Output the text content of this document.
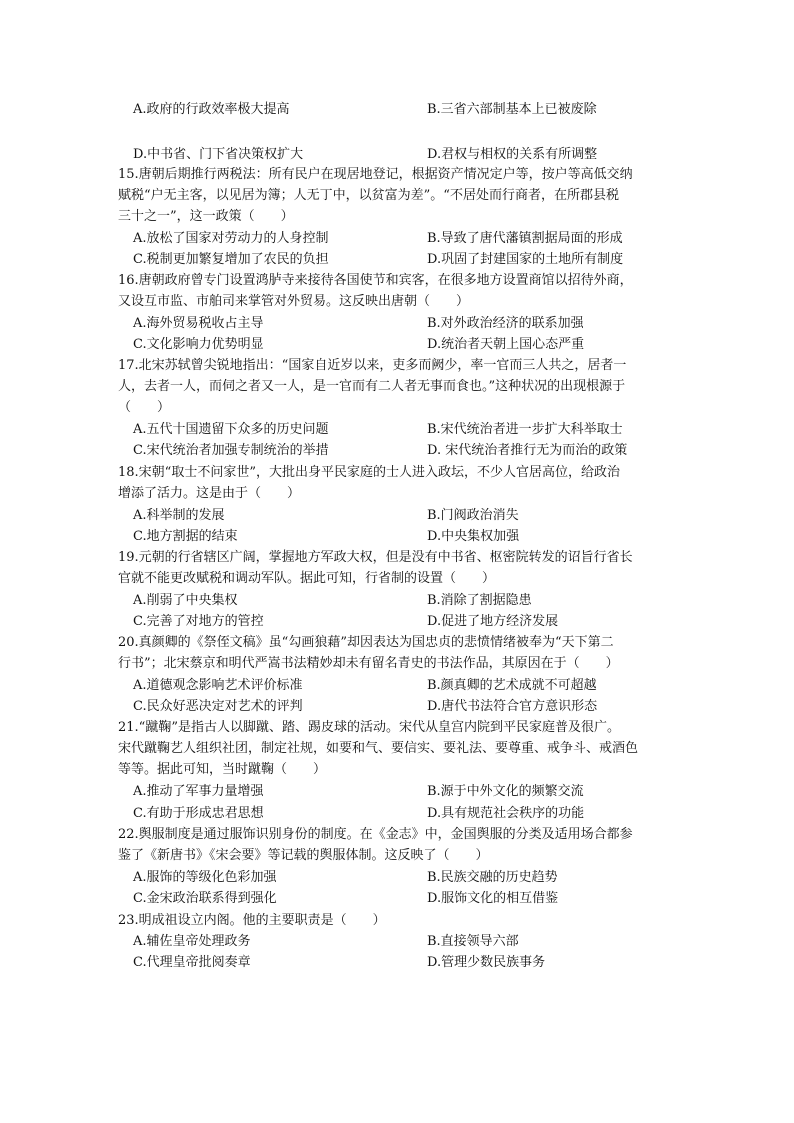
A.政府的行政效率极大提高	B.三省六部制基本上已被废除
D.中书省、门下省决策权扩大	D.君权与相权的关系有所调整
15.唐朝后期推行两税法：所有民户在现居地登记，根据资产情况定户等，按户等高低交纳
赋税“户无主客，以见居为簿；人无丁中，以贫富为差”。“不居处而行商者，在所郡县税
三十之一”，这一政策（　　）
A.放松了国家对劳动力的人身控制	B.导致了唐代藩镇割据局面的形成
C.税制更加繁复增加了农民的负担	D.巩固了封建国家的土地所有制度
16.唐朝政府曾专门设置鸿胪寺来接待各国使节和宾客，在很多地方设置商馆以招待外商，
又设互市监、市舶司来掌管对外贸易。这反映出唐朝（　　）
A.海外贸易税收占主导	B.对外政治经济的联系加强
C.文化影响力优势明显	D.统治者天朝上国心态严重
17.北宋苏轼曾尖锐地指出：“国家自近岁以来，吏多而阙少，率一官而三人共之，居者一
人，去者一人，而伺之者又一人，是一官而有二人者无事而食也。”这种状况的出现根源于
（　　）
A.五代十国遗留下众多的历史问题	B.宋代统治者进一步扩大科举取士
C.宋代统治者加强专制统治的举措	D. 宋代统治者推行无为而治的政策
18.宋朝“取士不问家世”，大批出身平民家庭的士人进入政坛，不少人官居高位，给政治
增添了活力。这是由于（　　）
A.科举制的发展	B.门阀政治消失
C.地方割据的结束	D.中央集权加强
19.元朝的行省辖区广阔，掌握地方军政大权，但是没有中书省、枢密院转发的诏旨行省长
官就不能更改赋税和调动军队。据此可知，行省制的设置（　　）
A.削弱了中央集权	B.消除了割据隐患
C.完善了对地方的管控	D.促进了地方经济发展
20.真颜卿的《祭侄文稿》虽“勾画狼藉”却因表达为国忠贞的悲愤情绪被奉为“天下第二
行书”；北宋蔡京和明代严嵩书法精妙却未有留名青史的书法作品，其原因在于（　　）
A.道德观念影响艺术评价标准	B.颜真卿的艺术成就不可超越
C.民众好恶决定对艺术的评判	D.唐代书法符合官方意识形态
21.“蹴鞠”是指古人以脚蹴、踏、踢皮球的活动。宋代从皇宫内院到平民家庭普及很广。
宋代蹴鞠艺人组织社团，制定社规，如要和气、要信实、要礼法、要尊重、戒争斗、戒酒色
等等。据此可知，当时蹴鞠（　　）
A.推动了军事力量增强	B.源于中外文化的频繁交流
C.有助于形成忠君思想	D.具有规范社会秩序的功能
22.舆服制度是通过服饰识别身份的制度。在《金志》中，金国舆服的分类及适用场合都参
鉴了《新唐书》《宋会要》等记载的舆服体制。这反映了（　　）
A.服饰的等级化色彩加强	B.民族交融的历史趋势
C.金宋政治联系得到强化	D.服饰文化的相互借鉴
23.明成祖设立内阁。他的主要职责是（　　）
A.辅佐皇帝处理政务	B.直接领导六部
C.代理皇帝批阅奏章	D.管理少数民族事务
